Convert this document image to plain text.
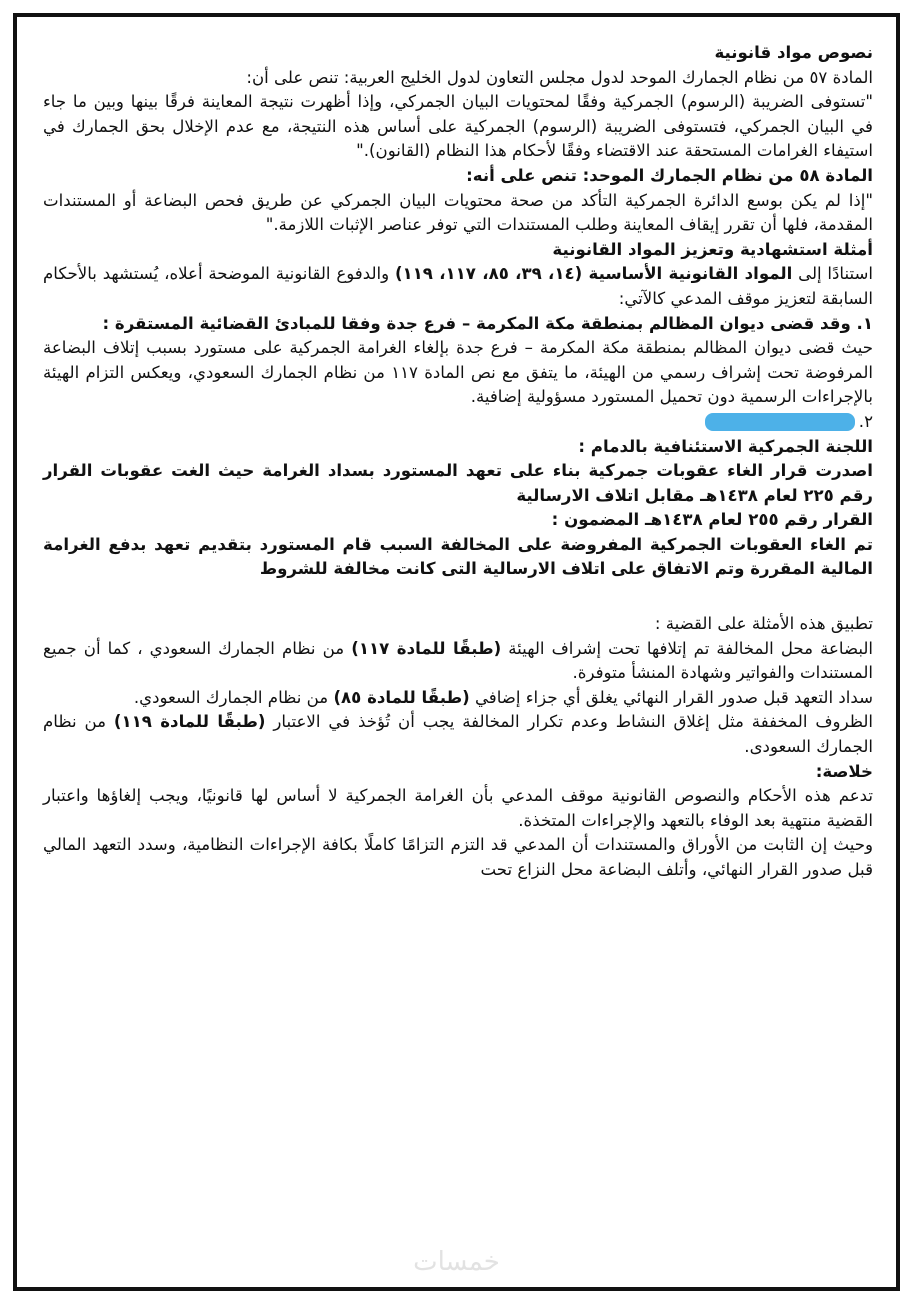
نصوص مواد قانونية

المادة ٥٧ من نظام الجمارك الموحد لدول مجلس التعاون لدول الخليج العربية: تنص على أن:

"تستوفى الضريبة (الرسوم) الجمركية وفقًا لمحتويات البيان الجمركي، وإذا أظهرت نتيجة المعاينة فرقًا بينها وبين ما جاء في البيان الجمركي، فتستوفى الضريبة (الرسوم) الجمركية على أساس هذه النتيجة، مع عدم الإخلال بحق الجمارك في استيفاء الغرامات المستحقة عند الاقتضاء وفقًا لأحكام هذا النظام (القانون)."

المادة ٥٨ من نظام الجمارك الموحد: تنص على أنه:

"إذا لم يكن بوسع الدائرة الجمركية التأكد من صحة محتويات البيان الجمركي عن طريق فحص البضاعة أو المستندات المقدمة، فلها أن تقرر إيقاف المعاينة وطلب المستندات التي توفر عناصر الإثبات اللازمة."

أمثلة استشهادية وتعزيز المواد القانونية

استنادًا إلى المواد القانونية الأساسية (١٤، ٣٩، ٨٥، ١١٧، ١١٩) والدفوع القانونية الموضحة أعلاه، يُستشهد بالأحكام السابقة لتعزيز موقف المدعي كالآتي:

١. وقد قضى ديوان المظالم بمنطقة مكة المكرمة – فرع جدة وفقا للمبادئ القضائية المستقرة :

حيث قضى ديوان المظالم بمنطقة مكة المكرمة – فرع جدة بإلغاء الغرامة الجمركية على مستورد بسبب إتلاف البضاعة المرفوضة تحت إشراف رسمي من الهيئة، ما يتفق مع نص المادة ١١٧ من نظام الجمارك السعودي، ويعكس التزام الهيئة بالإجراءات الرسمية دون تحميل المستورد مسؤولية إضافية.

٢.

اللجنة الجمركية الاستئنافية بالدمام :

اصدرت قرار الغاء عقوبات جمركية بناء على تعهد المستورد بسداد الغرامة حيث الغت عقوبات القرار رقم ٢٢٥ لعام ١٤٣٨هـ مقابل اتلاف الارسالية

القرار رقم ٢٥٥ لعام ١٤٣٨هـ المضمون :

تم الغاء العقوبات الجمركية المفروضة على المخالفة السبب قام المستورد بتقديم تعهد بدفع الغرامة المالية المقررة وتم الاتفاق على اتلاف الارسالية التى كانت مخالفة للشروط

تطبيق هذه الأمثلة على القضية :

البضاعة محل المخالفة تم إتلافها تحت إشراف الهيئة (طبقًا للمادة ١١٧) من نظام الجمارك السعودي ، كما أن جميع المستندات والفواتير وشهادة المنشأ متوفرة.

سداد التعهد قبل صدور القرار النهائي يغلق أي جزاء إضافي (طبقًا للمادة ٨٥) من نظام الجمارك السعودي.

الظروف المخففة مثل إغلاق النشاط وعدم تكرار المخالفة يجب أن تُؤخذ في الاعتبار (طبقًا للمادة ١١٩) من نظام الجمارك السعودى.

خلاصة:

تدعم هذه الأحكام والنصوص القانونية موقف المدعي بأن الغرامة الجمركية لا أساس لها قانونيًا، ويجب إلغاؤها واعتبار القضية منتهية بعد الوفاء بالتعهد والإجراءات المتخذة.

وحيث إن الثابت من الأوراق والمستندات أن المدعي قد التزم التزامًا كاملًا بكافة الإجراءات النظامية، وسدد التعهد المالي قبل صدور القرار النهائي، وأتلف البضاعة محل النزاع تحت

خمسات
